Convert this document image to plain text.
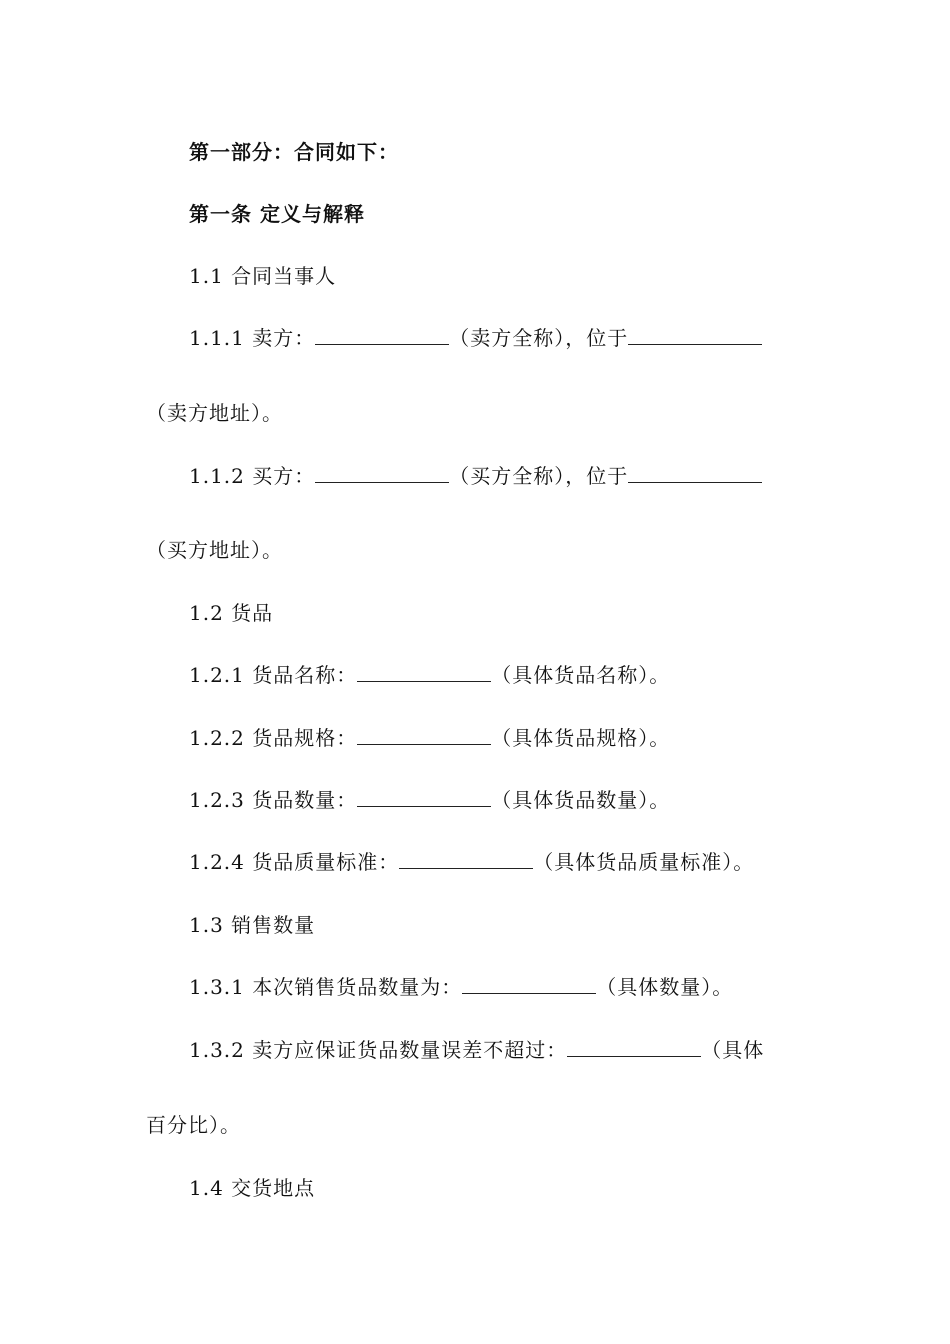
第一部分：合同如下：
第一条 定义与解释
1.1 合同当事人
1.1.1 卖方：	（卖方全称），位于
（卖方地址）。
1.1.2 买方：	（买方全称），位于
（买方地址）。
1.2 货品
1.2.1 货品名称：	（具体货品名称）。
1.2.2 货品规格：	（具体货品规格）。
1.2.3 货品数量：	（具体货品数量）。
1.2.4 货品质量标准：	（具体货品质量标准）。
1.3 销售数量
1.3.1 本次销售货品数量为：	（具体数量）。
1.3.2 卖方应保证货品数量误差不超过：	（具体
百分比）。
1.4 交货地点
